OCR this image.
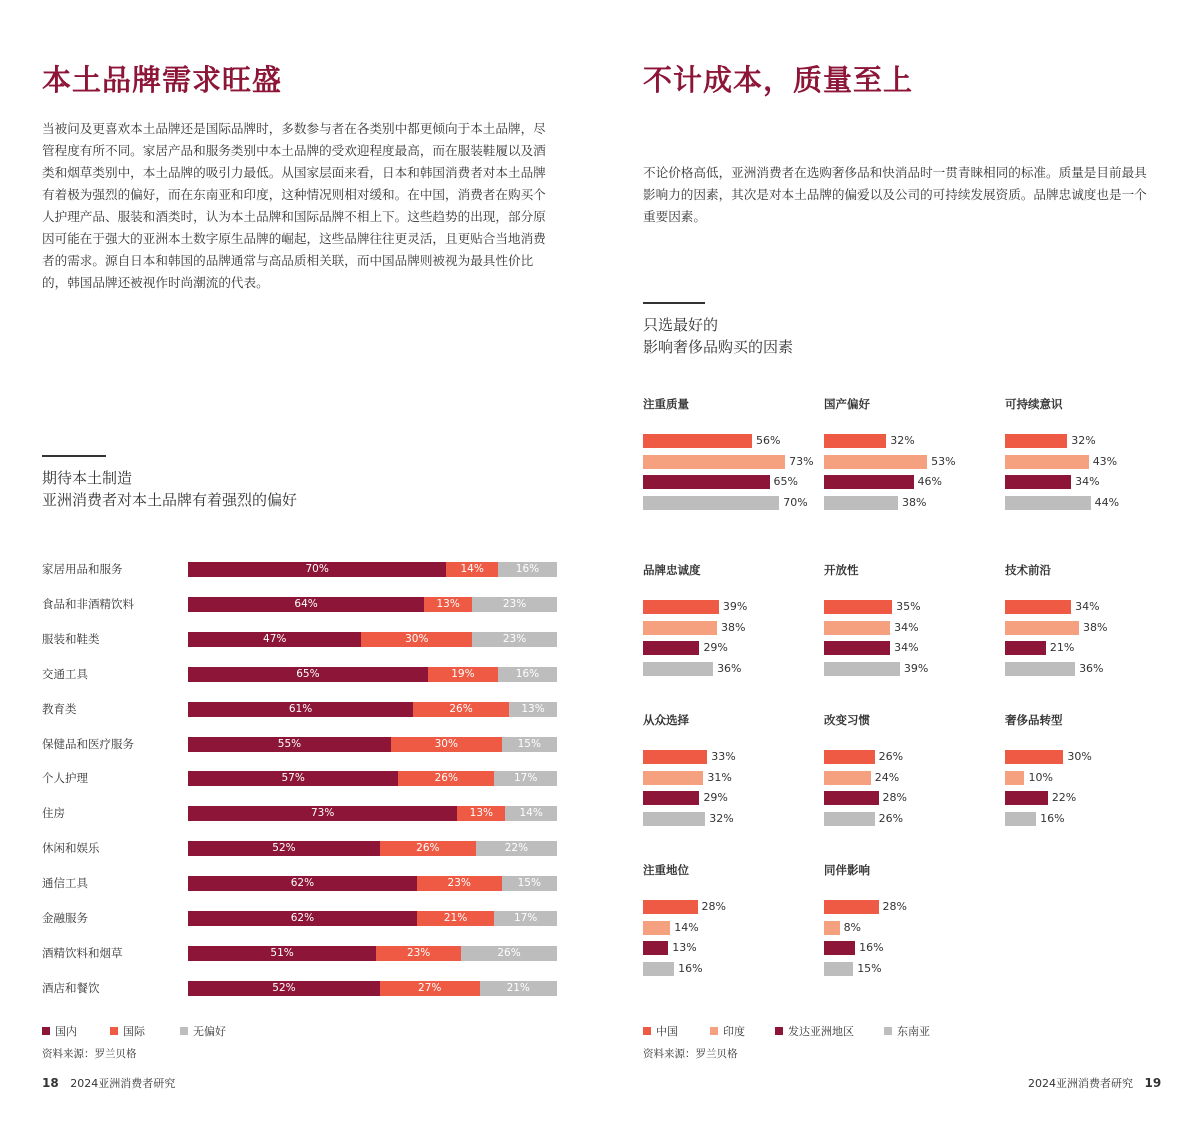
本土品牌需求旺盛
当被问及更喜欢本土品牌还是国际品牌时，多数参与者在各类别中都更倾向于本土品牌，尽管程度有所不同。家居产品和服务类别中本土品牌的受欢迎程度最高，而在服装鞋履以及酒类和烟草类别中，本土品牌的吸引力最低。从国家层面来看，日本和韩国消费者对本土品牌有着极为强烈的偏好，而在东南亚和印度，这种情况则相对缓和。在中国，消费者在购买个人护理产品、服装和酒类时，认为本土品牌和国际品牌不相上下。这些趋势的出现，部分原因可能在于强大的亚洲本土数字原生品牌的崛起，这些品牌往往更灵活，且更贴合当地消费者的需求。源自日本和韩国的品牌通常与高品质相关联，而中国品牌则被视为最具性价比的，韩国品牌还被视作时尚潮流的代表。
期待本土制造
亚洲消费者对本土品牌有着强烈的偏好
家居用品和服务	70%	14%	16%
食品和非酒精饮料	64%	13%	23%
服装和鞋类	47%	30%	23%
交通工具	65%	19%	16%
教育类	61%	26%	13%
保健品和医疗服务	55%	30%	15%
个人护理	57%	26%	17%
住房	73%	13%	14%
休闲和娱乐	52%	26%	22%
通信工具	62%	23%	15%
金融服务	62%	21%	17%
酒精饮料和烟草	51%	23%	26%
酒店和餐饮	52%	27%	21%
国内	国际	无偏好
资料来源：罗兰贝格
18 2024亚洲消费者研究
不计成本，质量至上
不论价格高低，亚洲消费者在选购奢侈品和快消品时一贯青睐相同的标准。质量是目前最具影响力的因素，其次是对本土品牌的偏爱以及公司的可持续发展资质。品牌忠诚度也是一个重要因素。
只选最好的
影响奢侈品购买的因素
注重质量
56%
73%
65%
70%
国产偏好
32%
53%
46%
38%
可持续意识
32%
43%
34%
44%
品牌忠诚度
39%
38%
29%
36%
开放性
35%
34%
34%
39%
技术前沿
34%
38%
21%
36%
从众选择
33%
31%
29%
32%
改变习惯
26%
24%
28%
26%
奢侈品转型
30%
10%
22%
16%
注重地位
28%
14%
13%
16%
同伴影响
28%
8%
16%
15%
中国	印度	发达亚洲地区	东南亚
资料来源：罗兰贝格
2024亚洲消费者研究 19
